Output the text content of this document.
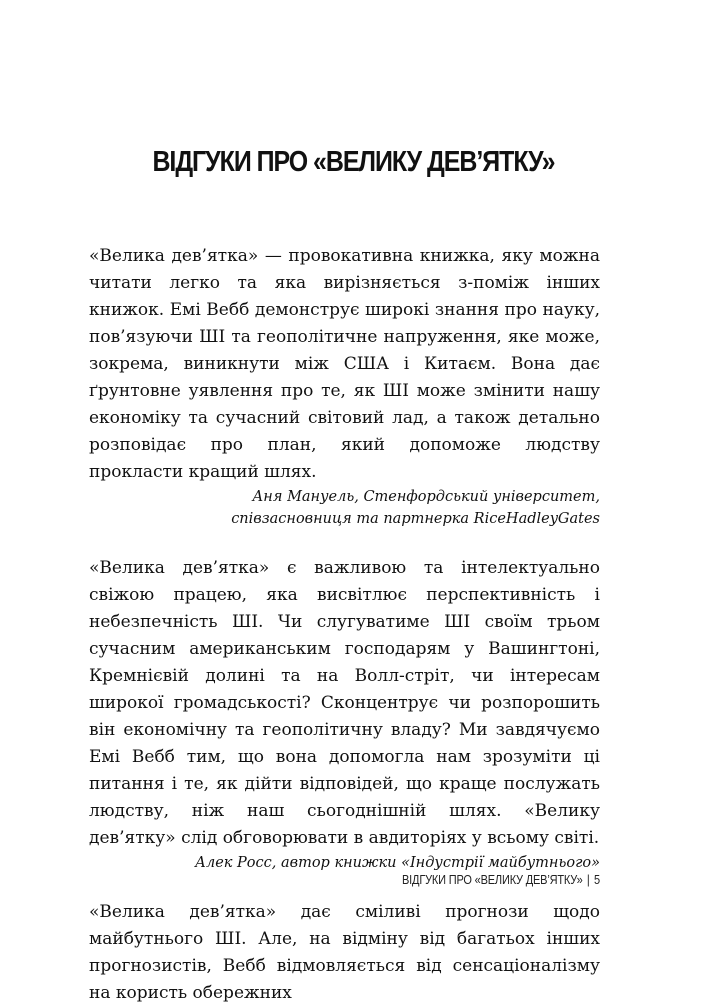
ВІДГУКИ ПРО «ВЕЛИКУ ДЕВ’ЯТКУ»

«Велика дев’ятка» — провокативна книжка, яку можна читати легко та яка вирізняється з-поміж інших книжок. Емі Вебб демонструє широкі знання про науку, пов’язуючи ШІ та геополітичне напруження, яке може, зокрема, виникнути між США і Китаєм. Вона дає ґрунтовне уявлення про те, як ШІ може змінити нашу економіку та сучасний світовий лад, а також детально розповідає про план, який допоможе людству прокласти кращий шлях.

Аня Мануель, Стенфордський університет,

співзасновниця та партнерка RiceHadleyGates

«Велика дев’ятка» є важливою та інтелектуально свіжою працею, яка висвітлює перспективність і небезпечність ШІ. Чи слугуватиме ШІ своїм трьом сучасним американським господарям у Вашингтоні, Кремнієвій долині та на Волл-стріт, чи інтересам широкої громадськості? Сконцентрує чи розпорошить він економічну та геополітичну владу? Ми завдячуємо Емі Вебб тим, що вона допомогла нам зрозуміти ці питання і те, як дійти відповідей, що краще послужать людству, ніж наш сьогоднішній шлях. «Велику дев’ятку» слід обговорювати в авдиторіях у всьому світі.

Алек Росс, автор книжки «Індустрії майбутнього»

«Велика дев’ятка» дає сміливі прогнози щодо майбутнього ШІ. Але, на відміну від багатьох інших прогнозистів, Вебб відмовляється від сенсаціоналізму на користь обережних

ВІДГУКИ ПРО «ВЕЛИКУ ДЕВ’ЯТКУ» | 5
